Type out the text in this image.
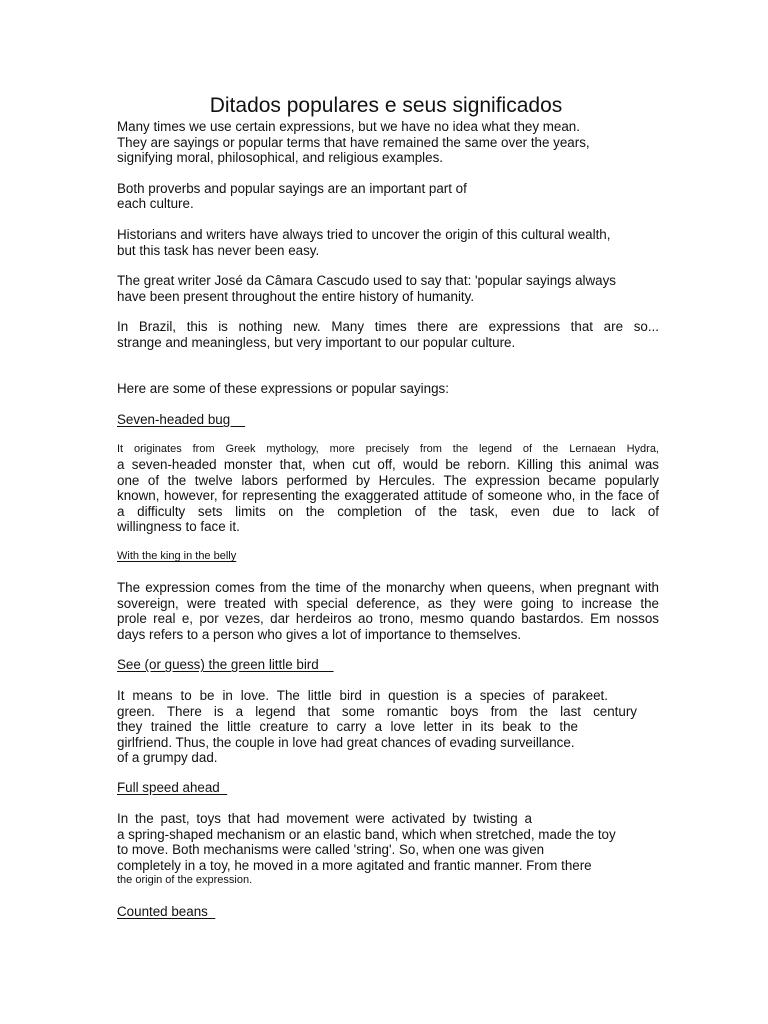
Ditados populares e seus significados
Many times we use certain expressions, but we have no idea what they mean.
They are sayings or popular terms that have remained the same over the years,
signifying moral, philosophical, and religious examples.
Both proverbs and popular sayings are an important part of
each culture.
Historians and writers have always tried to uncover the origin of this cultural wealth,
but this task has never been easy.
The great writer José da Câmara Cascudo used to say that: 'popular sayings always
have been present throughout the entire history of humanity.
In Brazil, this is nothing new. Many times there are expressions that are so...
strange and meaningless, but very important to our popular culture.
Here are some of these expressions or popular sayings:
Seven-headed bug
It originates from Greek mythology, more precisely from the legend of the Lernaean Hydra,
a seven-headed monster that, when cut off, would be reborn. Killing this animal was
one of the twelve labors performed by Hercules. The expression became popularly
known, however, for representing the exaggerated attitude of someone who, in the face of
a difficulty sets limits on the completion of the task, even due to lack of
willingness to face it.
With the king in the belly
The expression comes from the time of the monarchy when queens, when pregnant with
sovereign, were treated with special deference, as they were going to increase the
prole real e, por vezes, dar herdeiros ao trono, mesmo quando bastardos. Em nossos
days refers to a person who gives a lot of importance to themselves.
See (or guess) the green little bird
It means to be in love. The little bird in question is a species of parakeet.
green. There is a legend that some romantic boys from the last century
they trained the little creature to carry a love letter in its beak to the
girlfriend. Thus, the couple in love had great chances of evading surveillance.
of a grumpy dad.
Full speed ahead
In the past, toys that had movement were activated by twisting a
a spring-shaped mechanism or an elastic band, which when stretched, made the toy
to move. Both mechanisms were called 'string'. So, when one was given
completely in a toy, he moved in a more agitated and frantic manner. From there
the origin of the expression.
Counted beans
